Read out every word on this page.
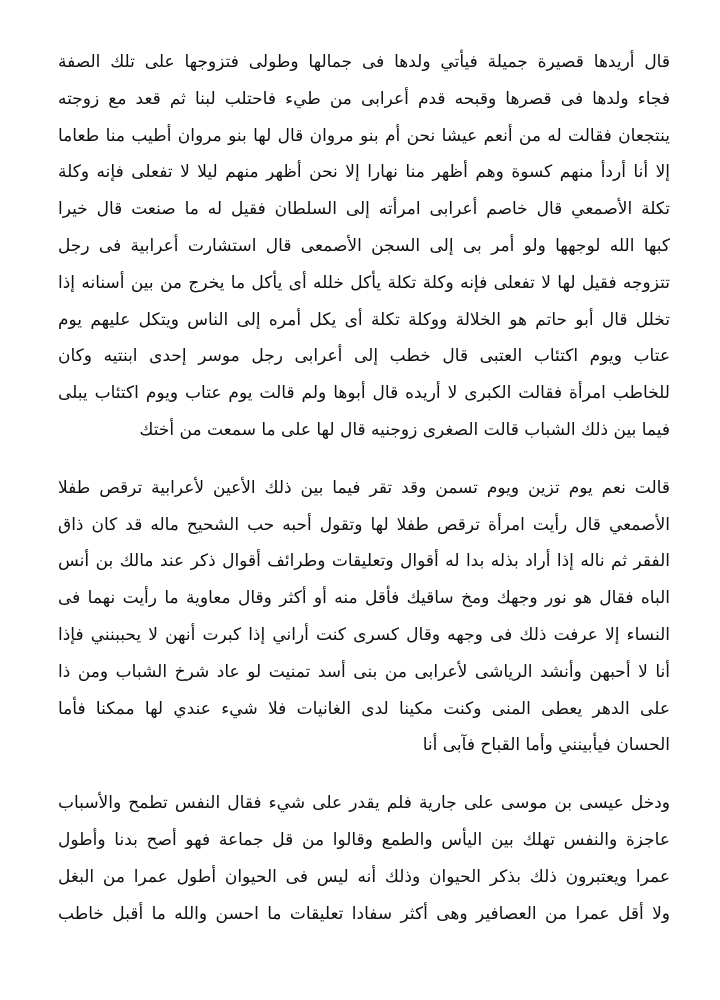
قال أريدها قصيرة جميلة فيأتي ولدها فى جمالها وطولى فتزوجها على تلك الصفة
فجاء ولدها فى قصرها وقبحه قدم أعرابى من طيء فاحتلب لبنا ثم قعد مع زوجته
ينتجعان فقالت له من أنعم عيشا نحن أم بنو مروان قال لها بنو مروان أطيب منا طعاما
إلا أنا أردأ منهم كسوة وهم أظهر منا نهارا إلا نحن أظهر منهم ليلا لا تفعلى فإنه وكلة
تكلة الأصمعي قال خاصم أعرابى امرأته إلى السلطان فقيل له ما صنعت قال خيرا
كبها الله لوجهها ولو أمر بى إلى السجن الأصمعى قال استشارت أعرابية فى رجل
تتزوجه فقيل لها لا تفعلى فإنه وكلة تكلة يأكل خلله أى يأكل ما يخرج من بين أسنانه إذا
تخلل قال أبو حاتم هو الخلالة ووكلة تكلة أى يكل أمره إلى الناس ويتكل عليهم يوم
عتاب ويوم اكتئاب العتبى قال خطب إلى أعرابى رجل موسر إحدى ابنتيه وكان
للخاطب امرأة فقالت الكبرى لا أريده قال أبوها ولم قالت يوم عتاب ويوم اكتئاب يبلى
فيما بين ذلك الشباب قالت الصغرى زوجنيه قال لها على ما سمعت من أختك
قالت نعم يوم تزين ويوم تسمن وقد تقر فيما بين ذلك الأعين لأعرابية ترقص طفلا
الأصمعي قال رأيت امرأة ترقص طفلا لها وتقول أحبه حب الشحيح ماله قد كان ذاق
الفقر ثم ناله إذا أراد بذله بدا له أقوال وتعليقات وطرائف أقوال ذكر عند مالك بن أنس
الباه فقال هو نور وجهك ومخ ساقيك فأقل منه أو أكثر وقال معاوية ما رأيت نهما فى
النساء إلا عرفت ذلك فى وجهه وقال كسرى كنت أراني إذا كبرت أنهن لا يحببنني فإذا
أنا لا أحبهن وأنشد الرياشى لأعرابى من بنى أسد تمنيت لو عاد شرخ الشباب ومن ذا
على الدهر يعطى المنى وكنت مكينا لدى الغانيات فلا شيء عندي لها ممكنا فأما
الحسان فيأبينني وأما القباح فآبى أنا
ودخل عيسى بن موسى على جارية فلم يقدر على شيء فقال النفس تطمح والأسباب
عاجزة والنفس تهلك بين اليأس والطمع وقالوا من قل جماعة فهو أصح بدنا وأطول
عمرا ويعتبرون ذلك بذكر الحيوان وذلك أنه ليس فى الحيوان أطول عمرا من البغل
ولا أقل عمرا من العصافير وهى أكثر سفادا تعليقات ما احسن والله ما أقبل خاطب
